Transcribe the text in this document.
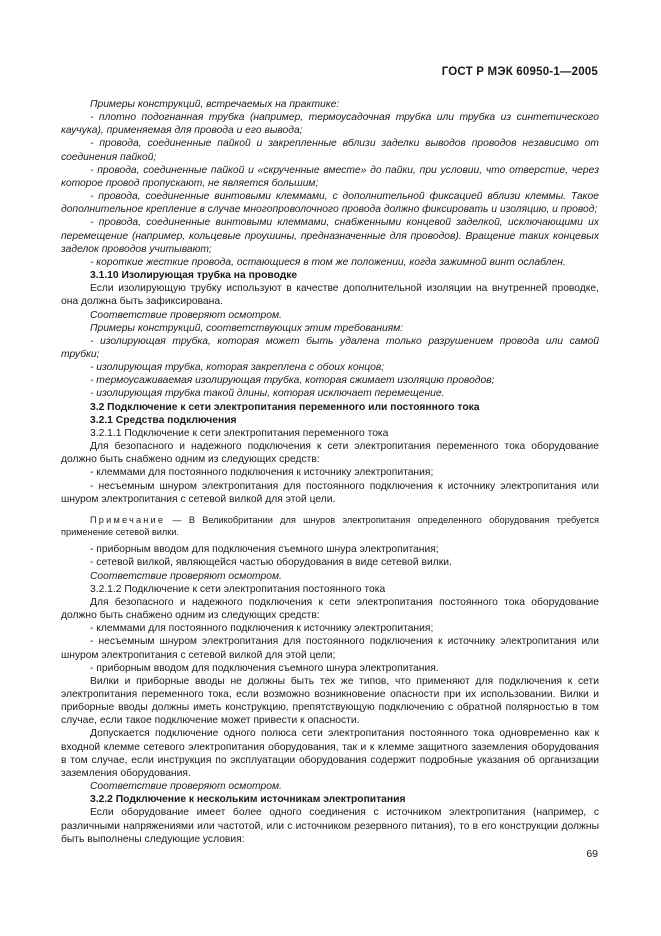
ГОСТ Р МЭК 60950-1—2005

Примеры конструкций, встречаемых на практике:

- плотно подогнанная трубка (например, термоусадочная трубка или трубка из синтетического каучука), применяемая для провода и его вывода;

- провода, соединенные пайкой и закрепленные вблизи заделки выводов проводов независимо от соединения пайкой;

- провода, соединенные пайкой и «скрученные вместе» до пайки, при условии, что отверстие, через которое провод пропускают, не является большим;

- провода, соединенные винтовыми клеммами, с дополнительной фиксацией вблизи клеммы. Такое дополнительное крепление в случае многопроволочного провода должно фиксировать и изоляцию, и провод;

- провода, соединенные винтовыми клеммами, снабженными концевой заделкой, исключающими их перемещение (например, кольцевые проушины, предназначенные для проводов). Вращение таких концевых заделок проводов учитывают;

- короткие жесткие провода, остающиеся в том же положении, когда зажимной винт ослаблен.

3.1.10 Изолирующая трубка на проводке

Если изолирующую трубку используют в качестве дополнительной изоляции на внутренней проводке, она должна быть зафиксирована.

Соответствие проверяют осмотром.

Примеры конструкций, соответствующих этим требованиям:

- изолирующая трубка, которая может быть удалена только разрушением провода или самой трубки;

- изолирующая трубка, которая закреплена с обоих концов;

- термоусаживаемая изолирующая трубка, которая сжимает изоляцию проводов;

- изолирующая трубка такой длины, которая исключает перемещение.

3.2 Подключение к сети электропитания переменного или постоянного тока

3.2.1 Средства подключения

3.2.1.1 Подключение к сети электропитания переменного тока

Для безопасного и надежного подключения к сети электропитания переменного тока оборудование должно быть снабжено одним из следующих средств:

- клеммами для постоянного подключения к источнику электропитания;

- несъемным шнуром электропитания для постоянного подключения к источнику электропитания или шнуром электропитания с сетевой вилкой для этой цели.

Примечание — В Великобритании для шнуров электропитания определенного оборудования требуется применение сетевой вилки.

- приборным вводом для подключения съемного шнура электропитания;

- сетевой вилкой, являющейся частью оборудования в виде сетевой вилки.

Соответствие проверяют осмотром.

3.2.1.2 Подключение к сети электропитания постоянного тока

Для безопасного и надежного подключения к сети электропитания постоянного тока оборудование должно быть снабжено одним из следующих средств:

- клеммами для постоянного подключения к источнику электропитания;

- несъемным шнуром электропитания для постоянного подключения к источнику электропитания или шнуром электропитания с сетевой вилкой для этой цели;

- приборным вводом для подключения съемного шнура электропитания.

Вилки и приборные вводы не должны быть тех же типов, что применяют для подключения к сети электропитания переменного тока, если возможно возникновение опасности при их использовании. Вилки и приборные вводы должны иметь конструкцию, препятствующую подключению с обратной полярностью в том случае, если такое подключение может привести к опасности.

Допускается подключение одного полюса сети электропитания постоянного тока одновременно как к входной клемме сетевого электропитания оборудования, так и к клемме защитного заземления оборудования в том случае, если инструкция по эксплуатации оборудования содержит подробные указания об организации заземления оборудования.

Соответствие проверяют осмотром.

3.2.2 Подключение к нескольким источникам электропитания

Если оборудование имеет более одного соединения с источником электропитания (например, с различными напряжениями или частотой, или с источником резервного питания), то в его конструкции должны быть выполнены следующие условия:

69
